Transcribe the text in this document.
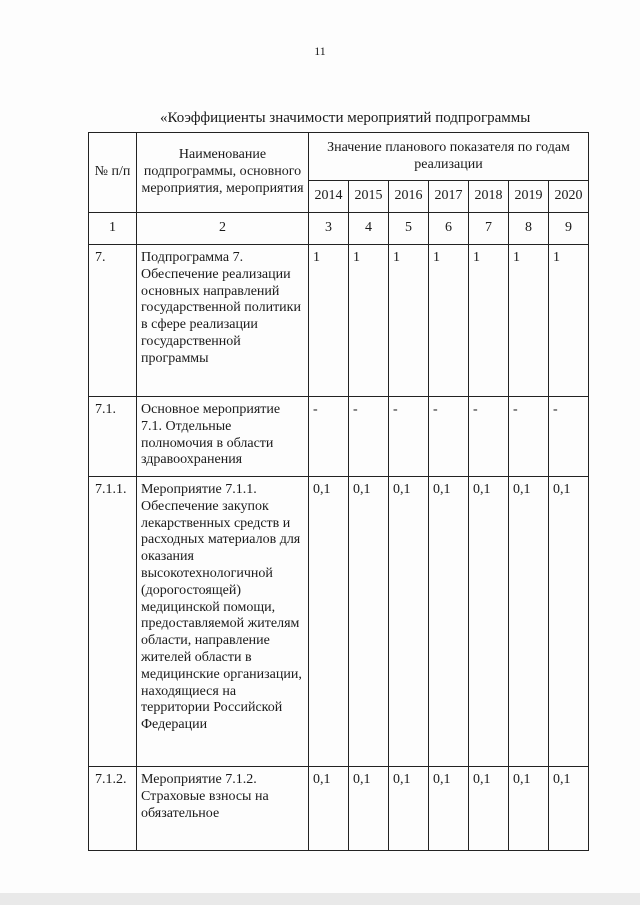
11
«Коэффициенты значимости мероприятий подпрограммы
№ п/п	Наименование подпрограммы, основного мероприятия, мероприятия	Значение планового показателя по годам реализации						
		2014	2015	2016	2017	2018	2019	2020
1	2	3	4	5	6	7	8	9
7.	Подпрограмма 7. Обеспечение реализации основных направлений государственной политики в сфере реализации государственной программы	1	1	1	1	1	1	1
7.1.	Основное мероприятие 7.1. Отдельные полномочия в области здравоохранения	-	-	-	-	-	-	-
7.1.1.	Мероприятие 7.1.1. Обеспечение закупок лекарственных средств и расходных материалов для оказания высокотехнологичной (дорогостоящей) медицинской помощи, предоставляемой жителям области, направление жителей области в медицинские организации, находящиеся на территории Российской Федерации	0,1	0,1	0,1	0,1	0,1	0,1	0,1
7.1.2.	Мероприятие 7.1.2. Страховые взносы на обязательное	0,1	0,1	0,1	0,1	0,1	0,1	0,1
